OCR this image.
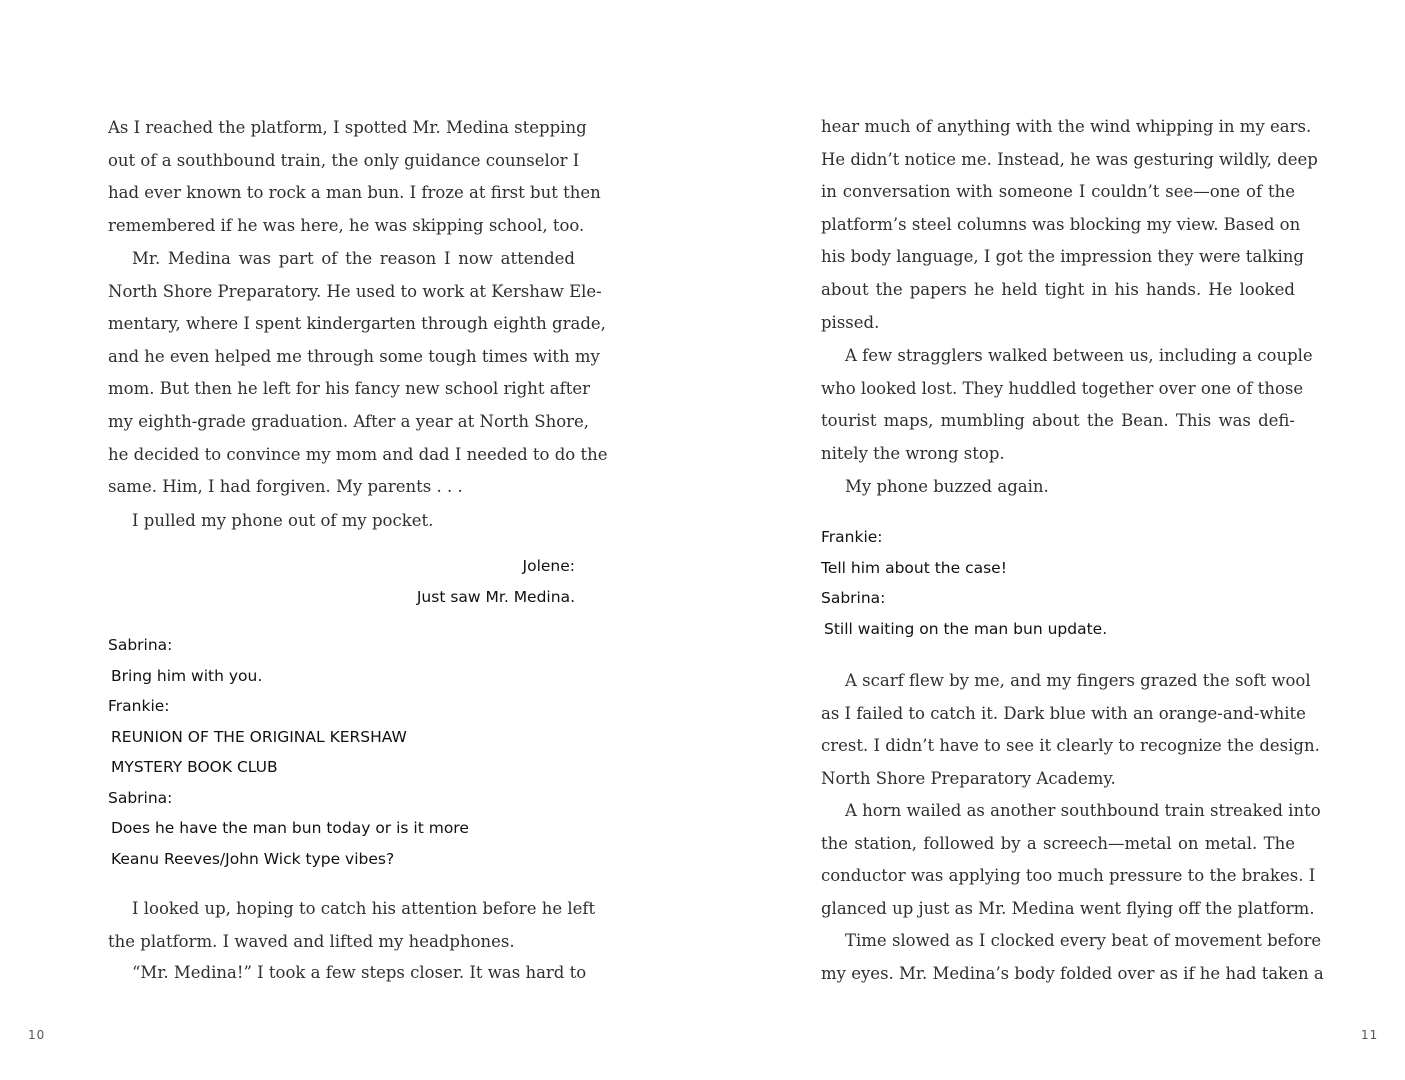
As I reached the platform, I spotted Mr. Medina stepping
out of a southbound train, the only guidance counselor I
had ever known to rock a man bun. I froze at first but then
remembered if he was here, he was skipping school, too.
Mr. Medina was part of the reason I now attended
North Shore Preparatory. He used to work at Kershaw Ele-
mentary, where I spent kindergarten through eighth grade,
and he even helped me through some tough times with my
mom. But then he left for his fancy new school right after
my eighth-grade graduation. After a year at North Shore,
he decided to convince my mom and dad I needed to do the
same. Him, I had forgiven. My parents . . .
I pulled my phone out of my pocket.
Jolene:
Just saw Mr. Medina.
Sabrina:
Bring him with you.
Frankie:
REUNION OF THE ORIGINAL KERSHAW
MYSTERY BOOK CLUB
Sabrina:
Does he have the man bun today or is it more
Keanu Reeves/John Wick type vibes?
I looked up, hoping to catch his attention before he left
the platform. I waved and lifted my headphones.
“Mr. Medina!” I took a few steps closer. It was hard to
10
hear much of anything with the wind whipping in my ears.
He didn’t notice me. Instead, he was gesturing wildly, deep
in conversation with someone I couldn’t see—one of the
platform’s steel columns was blocking my view. Based on
his body language, I got the impression they were talking
about the papers he held tight in his hands. He looked
pissed.
A few stragglers walked between us, including a couple
who looked lost. They huddled together over one of those
tourist maps, mumbling about the Bean. This was defi-
nitely the wrong stop.
My phone buzzed again.
Frankie:
Tell him about the case!
Sabrina:
Still waiting on the man bun update.
A scarf flew by me, and my fingers grazed the soft wool
as I failed to catch it. Dark blue with an orange-and-white
crest. I didn’t have to see it clearly to recognize the design.
North Shore Preparatory Academy.
A horn wailed as another southbound train streaked into
the station, followed by a screech—metal on metal. The
conductor was applying too much pressure to the brakes. I
glanced up just as Mr. Medina went flying off the platform.
Time slowed as I clocked every beat of movement before
my eyes. Mr. Medina’s body folded over as if he had taken a
11
